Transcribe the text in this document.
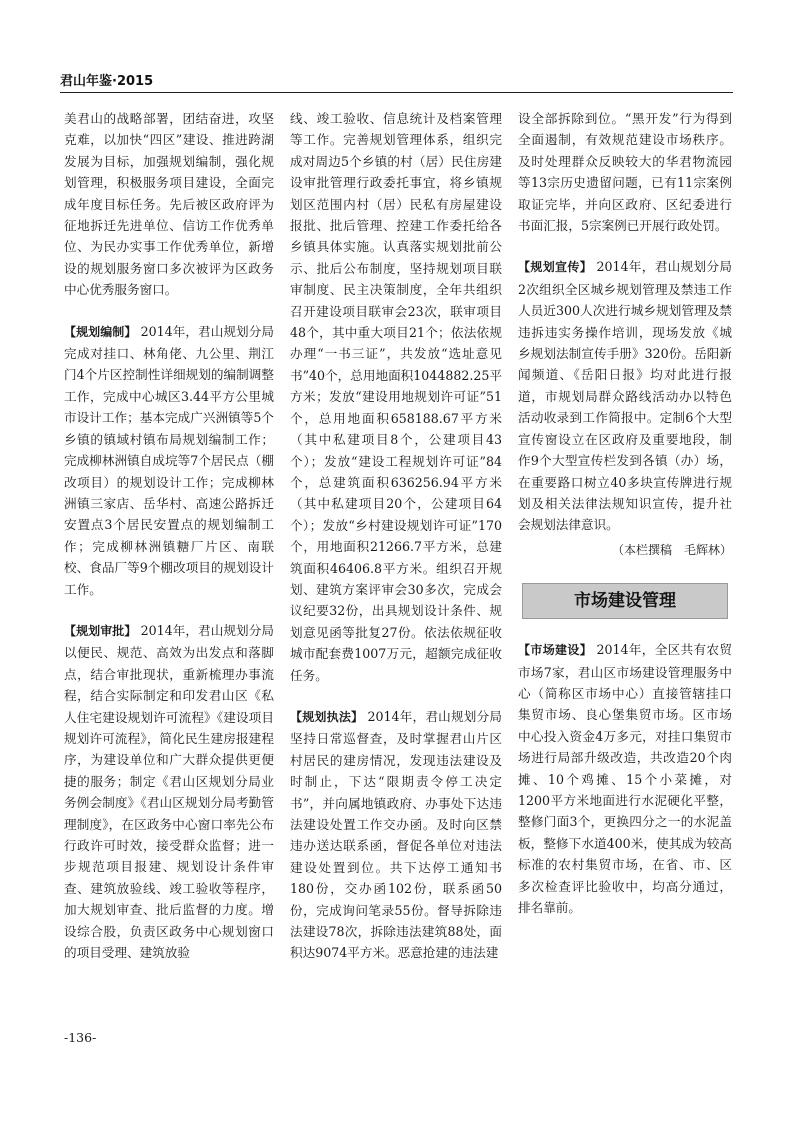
君山年鉴·2015

美君山的战略部署，团结奋进，攻坚克难，以加快“四区”建设、推进跨湖发展为目标，加强规划编制，强化规划管理，积极服务项目建设，全面完成年度目标任务。先后被区政府评为征地拆迁先进单位、信访工作优秀单位、为民办实事工作优秀单位，新增设的规划服务窗口多次被评为区政务中心优秀服务窗口。

【规划编制】 2014年，君山规划分局完成对挂口、林角佬、九公里、荆江门4个片区控制性详细规划的编制调整工作，完成中心城区3.44平方公里城市设计工作；基本完成广兴洲镇等5个乡镇的镇域村镇布局规划编制工作；完成柳林洲镇自成垸等7个居民点（棚改项目）的规划设计工作；完成柳林洲镇三家店、岳华村、高速公路拆迁安置点3个居民安置点的规划编制工作；完成柳林洲镇糖厂片区、南联校、食品厂等9个棚改项目的规划设计工作。

【规划审批】 2014年，君山规划分局以便民、规范、高效为出发点和落脚点，结合审批现状，重新梳理办事流程，结合实际制定和印发君山区《私人住宅建设规划许可流程》《建设项目规划许可流程》，简化民生建房报建程序，为建设单位和广大群众提供更便捷的服务；制定《君山区规划分局业务例会制度》《君山区规划分局考勤管理制度》，在区政务中心窗口率先公布行政许可时效，接受群众监督；进一步规范项目报建、规划设计条件审查、建筑放验线、竣工验收等程序，加大规划审查、批后监督的力度。增设综合股，负责区政务中心规划窗口的项目受理、建筑放验

线、竣工验收、信息统计及档案管理等工作。完善规划管理体系，组织完成对周边5个乡镇的村（居）民住房建设审批管理行政委托事宜，将乡镇规划区范围内村（居）民私有房屋建设报批、批后管理、控建工作委托给各乡镇具体实施。认真落实规划批前公示、批后公布制度，坚持规划项目联审制度、民主决策制度，全年共组织召开建设项目联审会23次，联审项目48个，其中重大项目21个；依法依规办理“一书三证”，共发放“选址意见书”40个，总用地面积1044882.25平方米；发放“建设用地规划许可证”51个，总用地面积658188.67平方米（其中私建项目8个，公建项目43个）；发放“建设工程规划许可证”84个，总建筑面积636256.94平方米（其中私建项目20个，公建项目64个）；发放“乡村建设规划许可证”170个，用地面积21266.7平方米，总建筑面积46406.8平方米。组织召开规划、建筑方案评审会30多次，完成会议纪要32份，出具规划设计条件、规划意见函等批复27份。依法依规征收城市配套费1007万元，超额完成征收任务。

【规划执法】 2014年，君山规划分局坚持日常巡督查，及时掌握君山片区村居民的建房情况，发现违法建设及时制止，下达“限期责令停工决定书”，并向属地镇政府、办事处下达违法建设处置工作交办函。及时向区禁违办送达联系函，督促各单位对违法建设处置到位。共下达停工通知书180份，交办函102份，联系函50份，完成询问笔录55份。督导拆除违法建设78次，拆除违法建筑88处，面积达9074平方米。恶意抢建的违法建

设全部拆除到位。“黑开发”行为得到全面遏制，有效规范建设市场秩序。及时处理群众反映较大的华君物流园等13宗历史遗留问题，已有11宗案例取证完毕，并向区政府、区纪委进行书面汇报，5宗案例已开展行政处罚。

【规划宣传】 2014年，君山规划分局2次组织全区城乡规划管理及禁违工作人员近300人次进行城乡规划管理及禁违拆违实务操作培训，现场发放《城乡规划法制宣传手册》320份。岳阳新闻频道、《岳阳日报》均对此进行报道，市规划局群众路线活动办以特色活动收录到工作简报中。定制6个大型宣传窗设立在区政府及重要地段，制作9个大型宣传栏发到各镇（办）场，在重要路口树立40多块宣传牌进行规划及相关法律法规知识宣传，提升社会规划法律意识。

（本栏撰稿　毛辉林）
市场建设管理

【市场建设】 2014年，全区共有农贸市场7家，君山区市场建设管理服务中心（简称区市场中心）直接管辖挂口集贸市场、良心堡集贸市场。区市场中心投入资金4万多元，对挂口集贸市场进行局部升级改造，共改造20个肉摊、10个鸡摊、15个小菜摊，对1200平方米地面进行水泥硬化平整，整修门面3个，更换四分之一的水泥盖板，整修下水道400米，使其成为较高标准的农村集贸市场，在省、市、区多次检查评比验收中，均高分通过，排名靠前。

-136-
